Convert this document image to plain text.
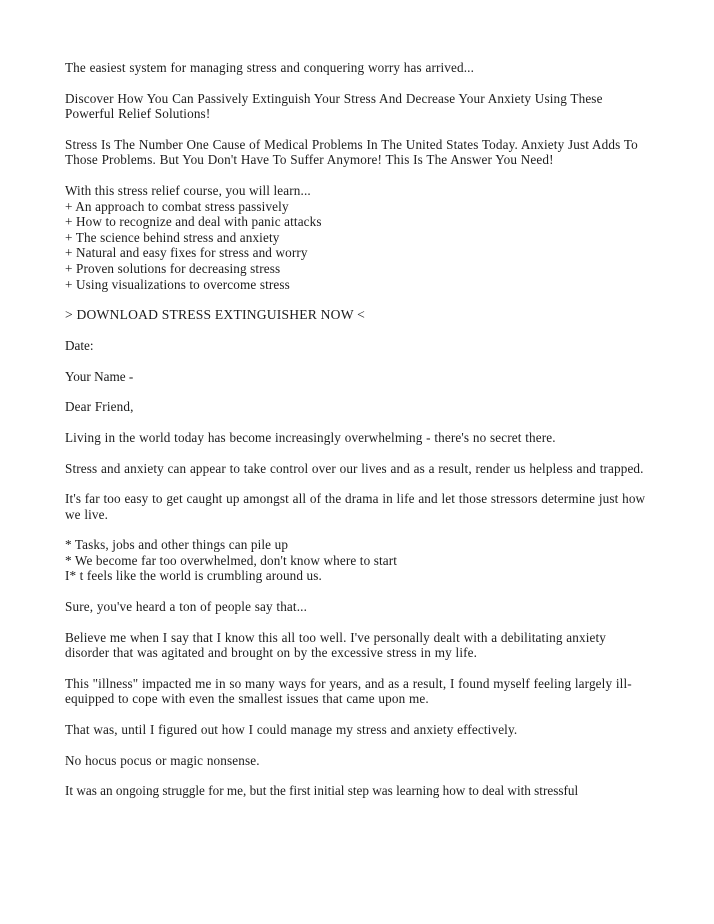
The easiest system for managing stress and conquering worry has arrived...

Discover How You Can Passively Extinguish Your Stress And Decrease Your Anxiety Using These Powerful Relief Solutions!

Stress Is The Number One Cause of Medical Problems In The United States Today. Anxiety Just Adds To Those Problems. But You Don't Have To Suffer Anymore! This Is The Answer You Need!

With this stress relief course, you will learn...
+ An approach to combat stress passively
+ How to recognize and deal with panic attacks
+ The science behind stress and anxiety
+ Natural and easy fixes for stress and worry
+ Proven solutions for decreasing stress
+ Using visualizations to overcome stress

> DOWNLOAD STRESS EXTINGUISHER NOW <

Date:

Your Name -

Dear Friend,

Living in the world today has become increasingly overwhelming - there's no secret there.

Stress and anxiety can appear to take control over our lives and as a result, render us helpless and trapped.

It's far too easy to get caught up amongst all of the drama in life and let those stressors determine just how we live.

* Tasks, jobs and other things can pile up
* We become far too overwhelmed, don't know where to start
I* t feels like the world is crumbling around us.

Sure, you've heard a ton of people say that...

Believe me when I say that I know this all too well. I've personally dealt with a debilitating anxiety disorder that was agitated and brought on by the excessive stress in my life.

This "illness" impacted me in so many ways for years, and as a result, I found myself feeling largely ill-equipped to cope with even the smallest issues that came upon me.

That was, until I figured out how I could manage my stress and anxiety effectively.

No hocus pocus or magic nonsense.

It was an ongoing struggle for me, but the first initial step was learning how to deal with stressful
